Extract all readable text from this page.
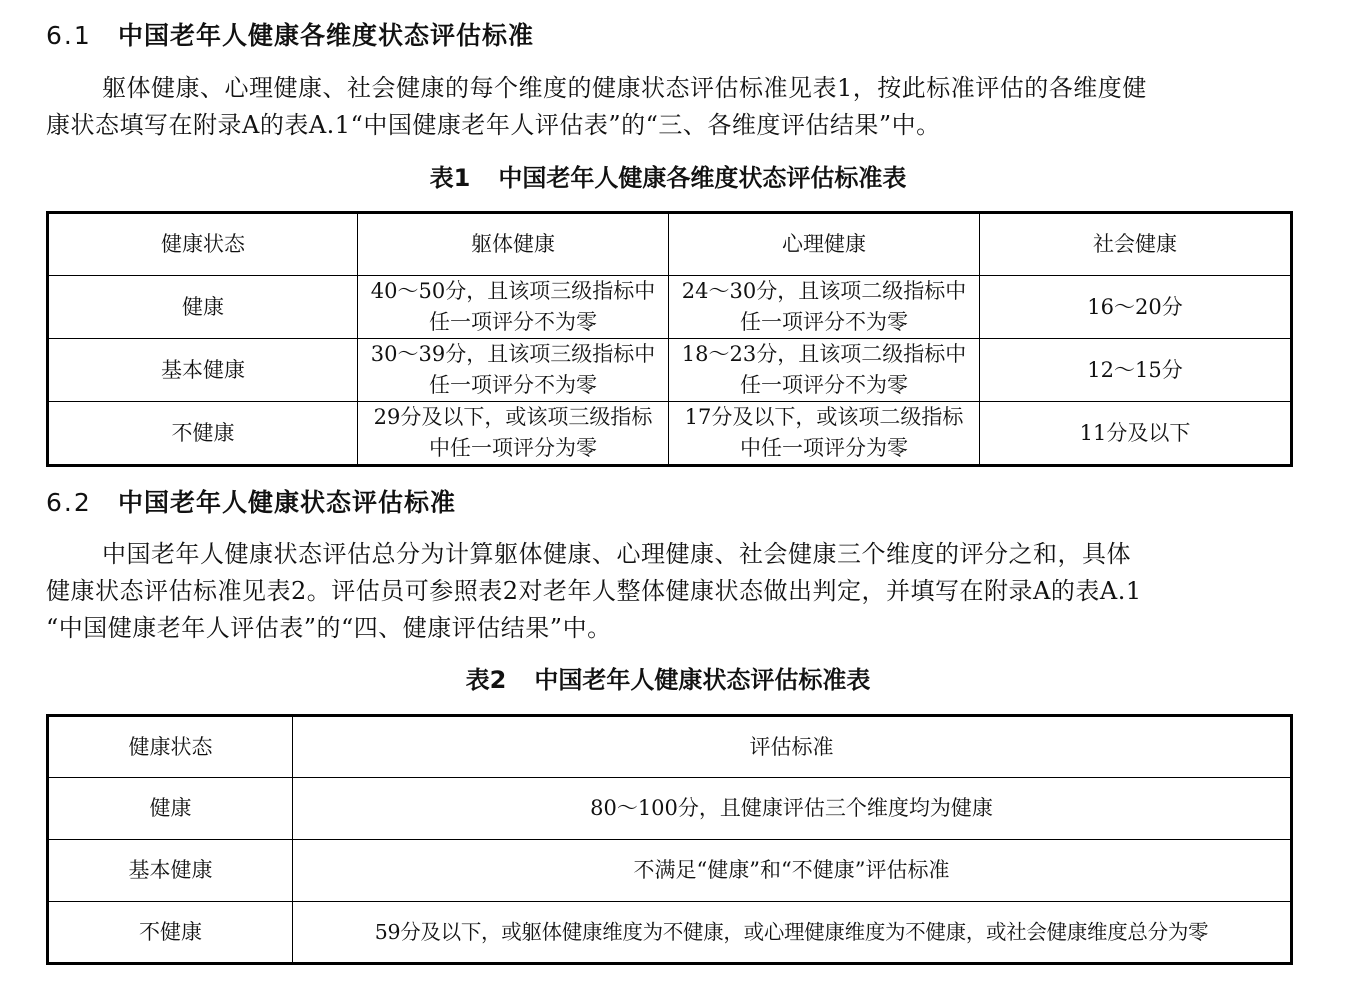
6.1 中国老年人健康各维度状态评估标准
躯体健康、心理健康、社会健康的每个维度的健康状态评估标准见表1，按此标准评估的各维度健
康状态填写在附录A的表A.1“中国健康老年人评估表”的“三、各维度评估结果”中。
表1 中国老年人健康各维度状态评估标准表
健康状态	躯体健康	心理健康	社会健康
健康	40～50分，且该项三级指标中任一项评分不为零	24～30分，且该项二级指标中任一项评分不为零	16～20分
基本健康	30～39分，且该项三级指标中任一项评分不为零	18～23分，且该项二级指标中任一项评分不为零	12～15分
不健康	29分及以下，或该项三级指标中任一项评分为零	17分及以下，或该项二级指标中任一项评分为零	11分及以下
6.2 中国老年人健康状态评估标准
中国老年人健康状态评估总分为计算躯体健康、心理健康、社会健康三个维度的评分之和，具体
健康状态评估标准见表2。评估员可参照表2对老年人整体健康状态做出判定，并填写在附录A的表A.1
“中国健康老年人评估表”的“四、健康评估结果”中。
表2 中国老年人健康状态评估标准表
健康状态	评估标准
健康	80～100分，且健康评估三个维度均为健康
基本健康	不满足“健康”和“不健康”评估标准
不健康	59分及以下，或躯体健康维度为不健康，或心理健康维度为不健康，或社会健康维度总分为零
